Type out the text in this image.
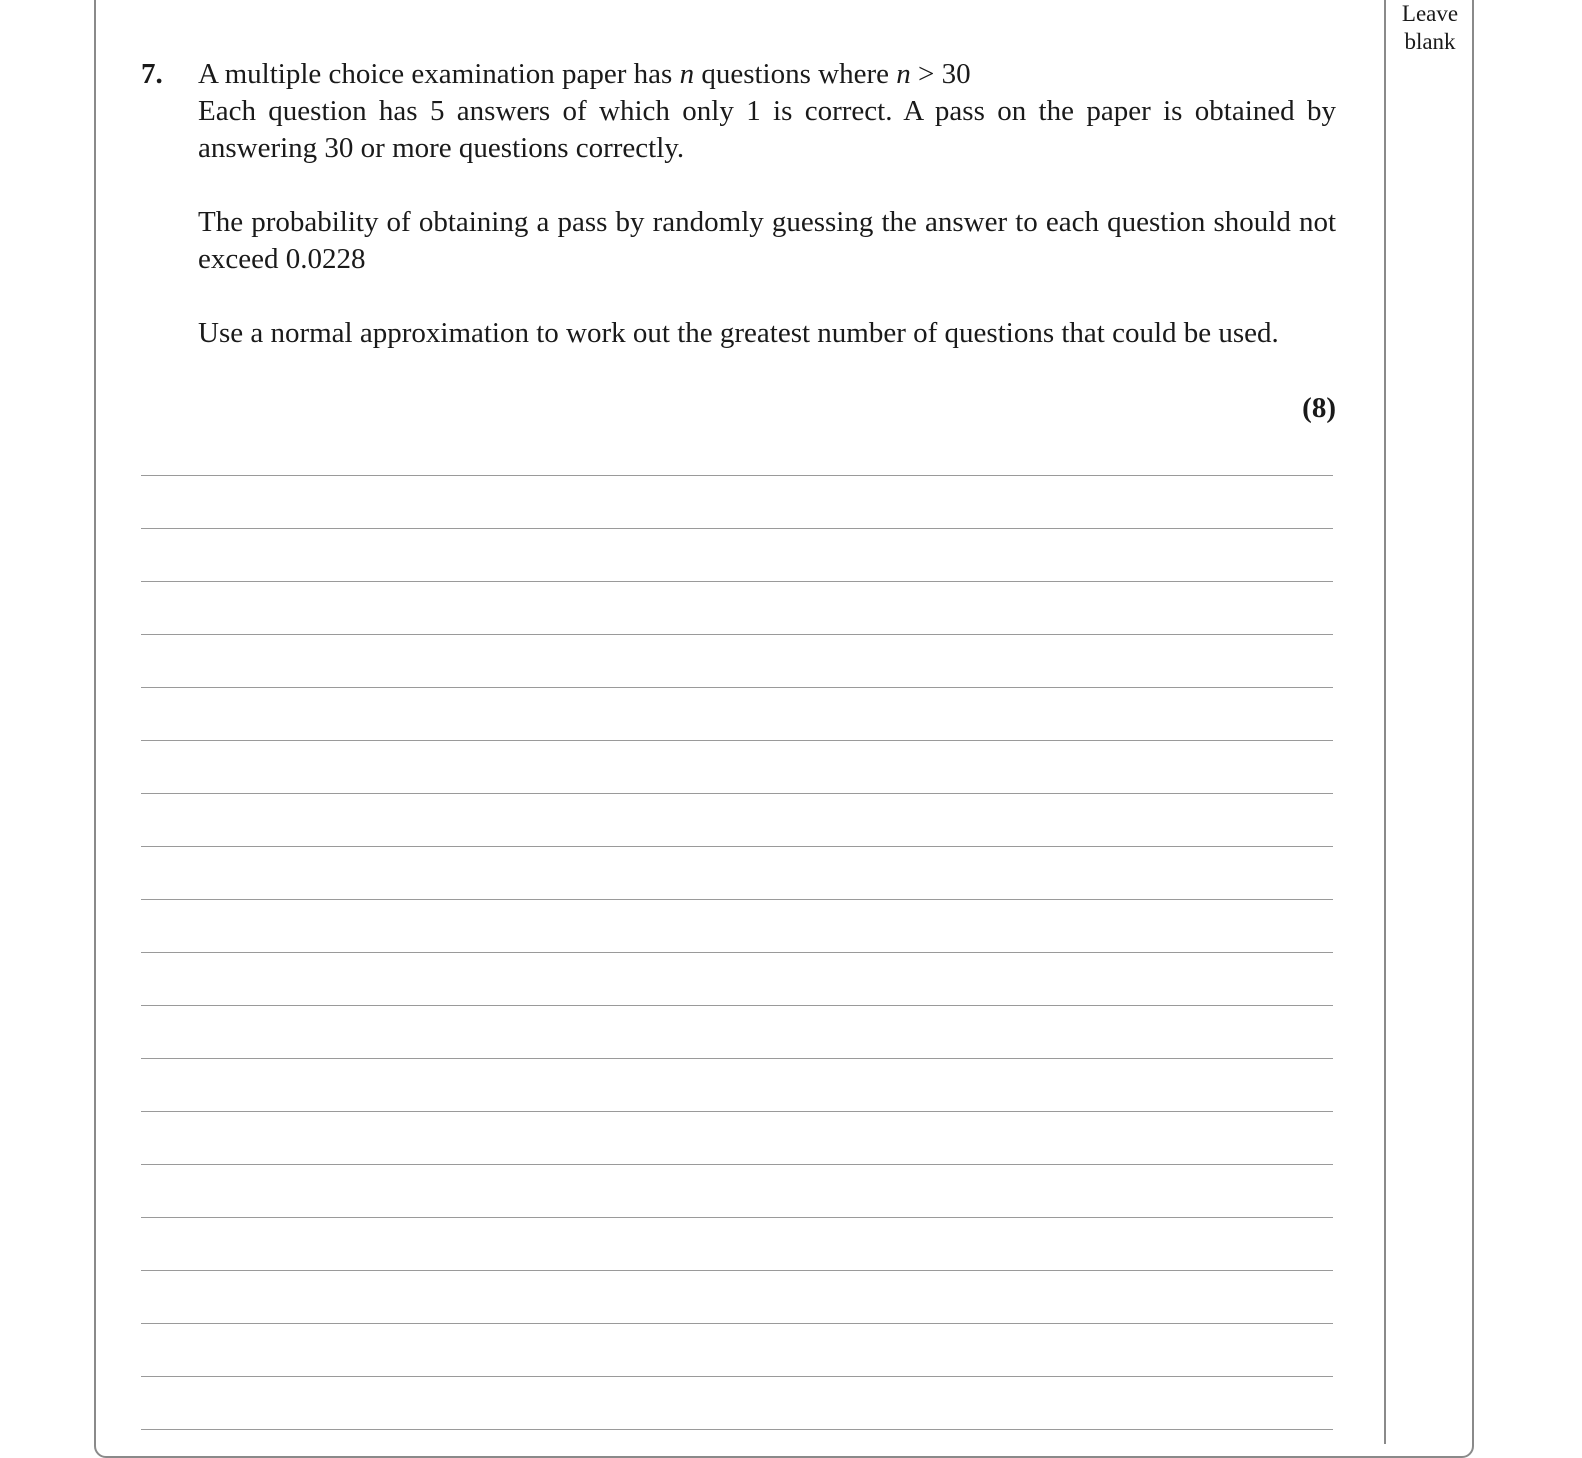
Leave
blank
7. A multiple choice examination paper has n questions where n > 30

Each question has 5 answers of which only 1 is correct. A pass on the paper is obtained by answering 30 or more questions correctly.

The probability of obtaining a pass by randomly guessing the answer to each question should not exceed 0.0228

Use a normal approximation to work out the greatest number of questions that could be used.

(8)
